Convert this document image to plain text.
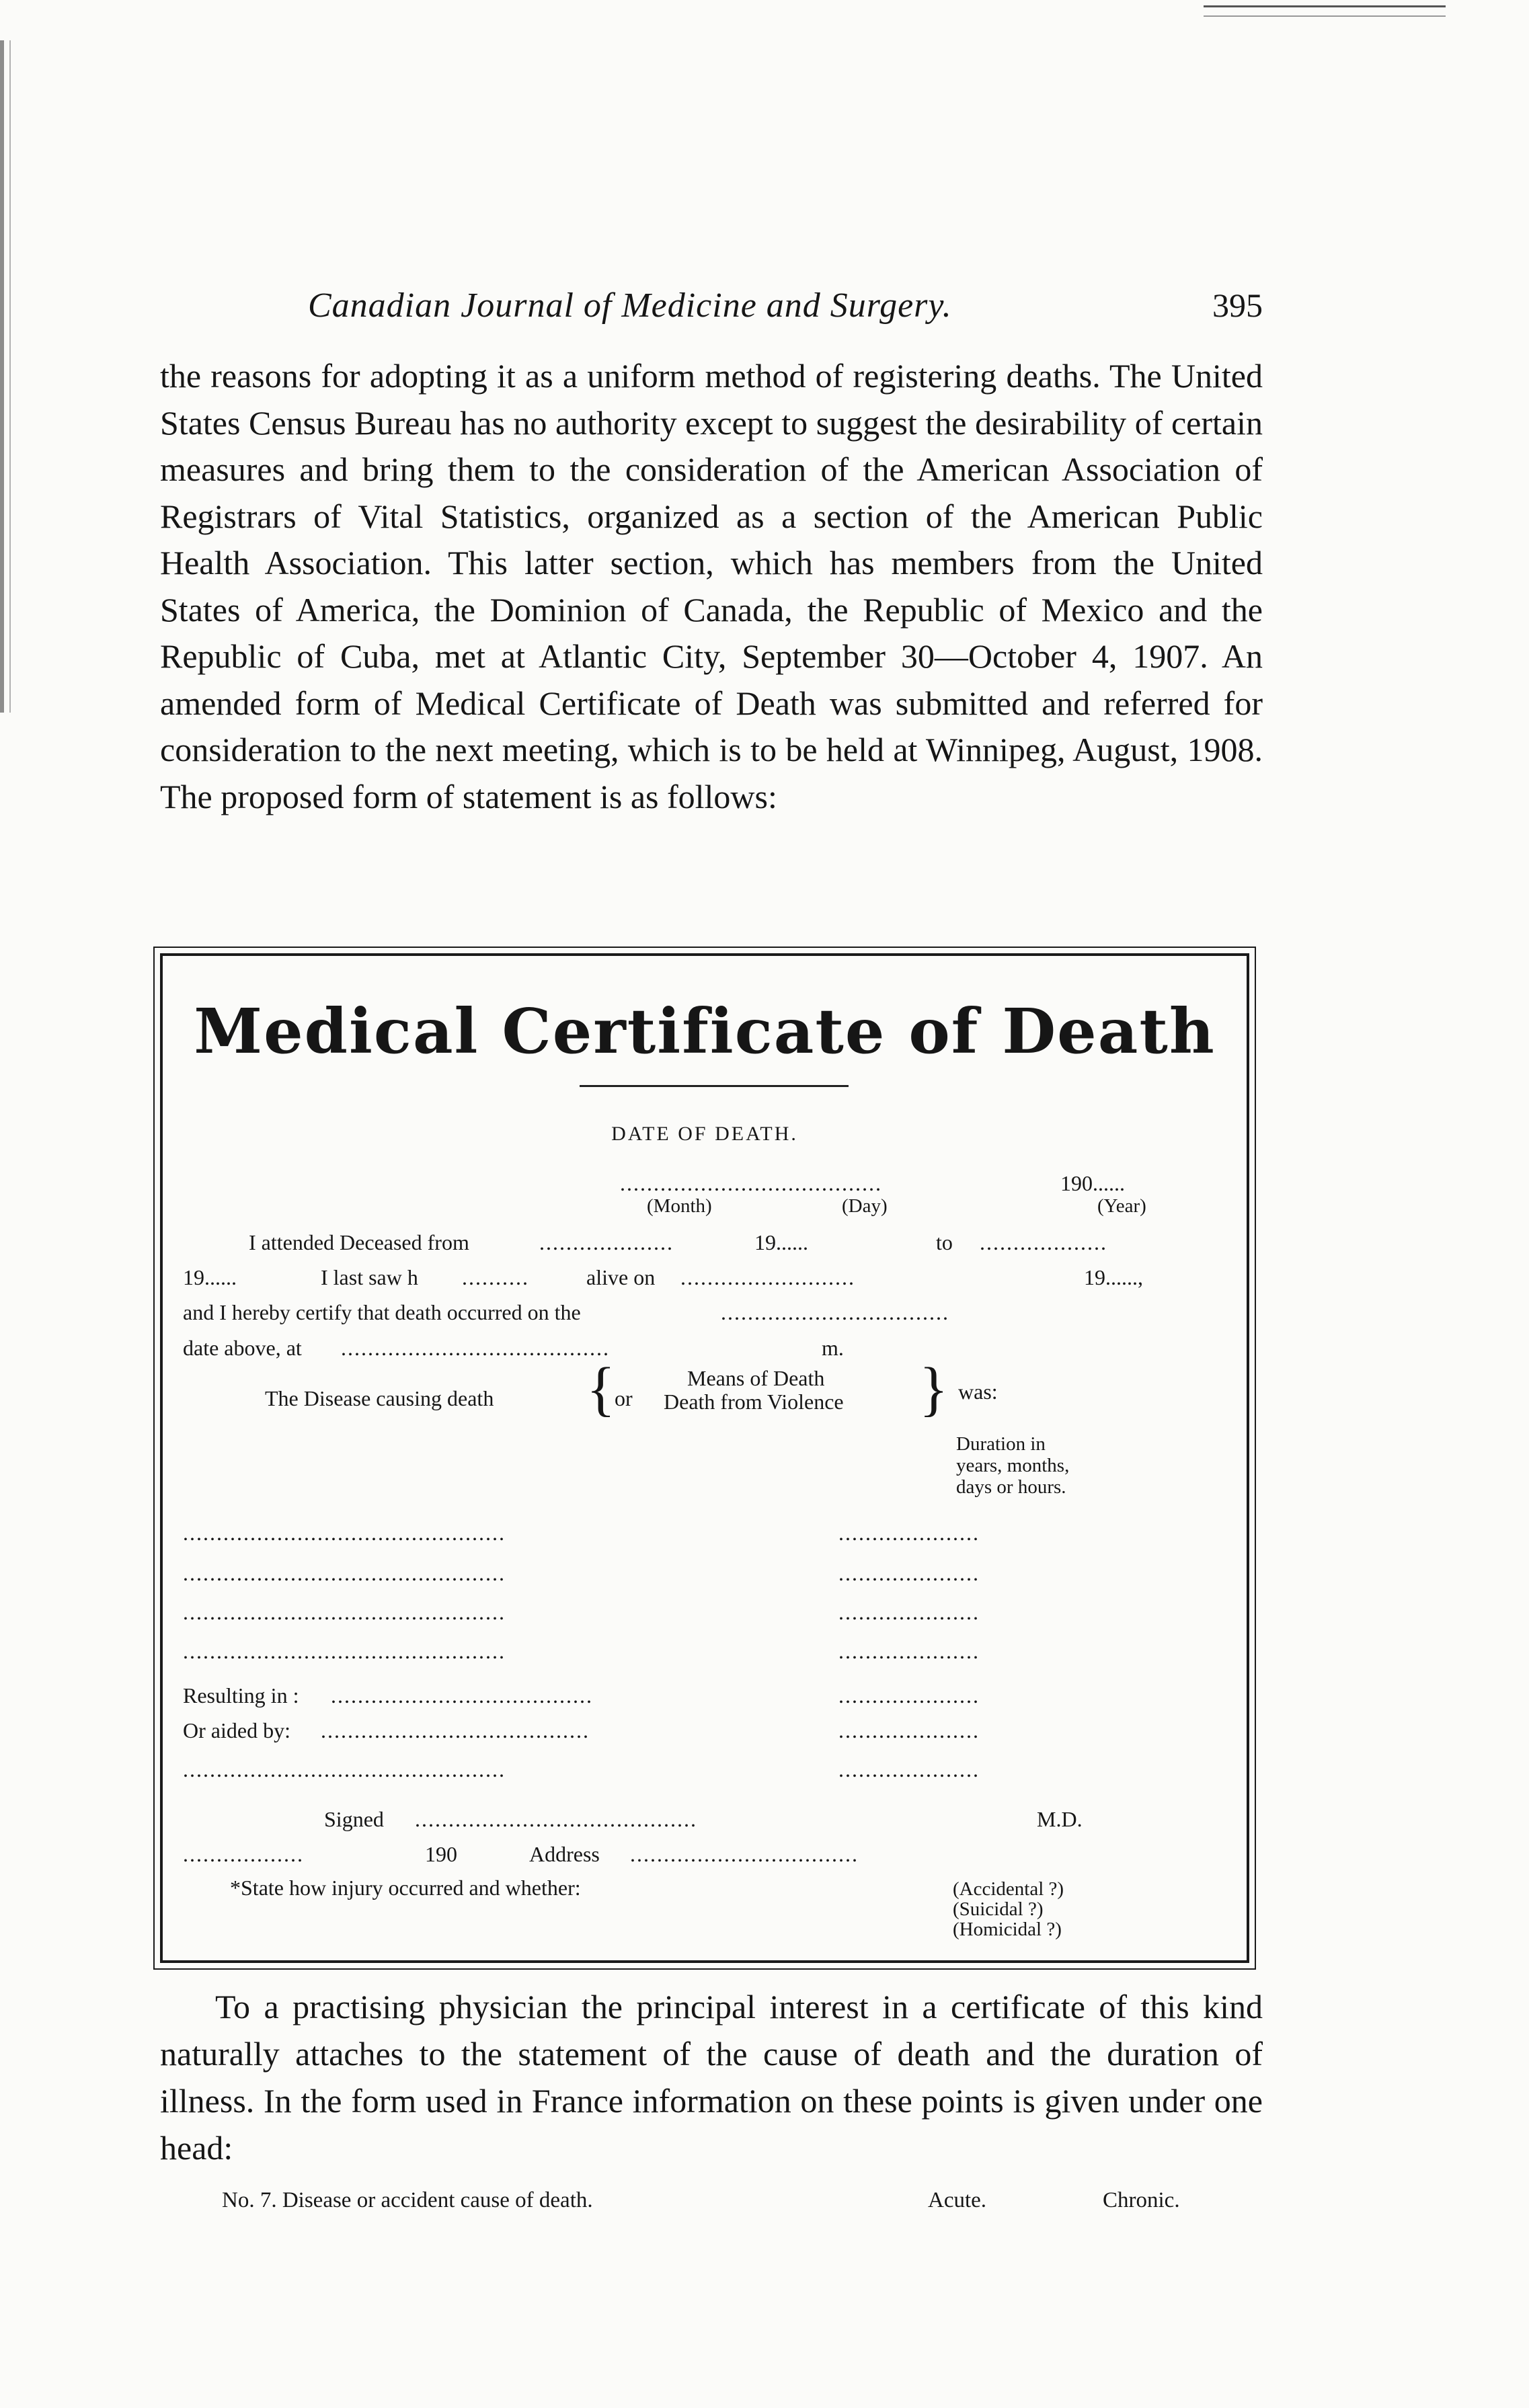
Canadian Journal of Medicine and Surgery.	395

the reasons for adopting it as a uniform method of registering deaths. The United States Census Bureau has no authority except to suggest the desirability of certain measures and bring them to the consideration of the American Association of Registrars of Vital Statistics, organized as a section of the American Public Health Association. This latter section, which has members from the United States of America, the Dominion of Canada, the Republic of Mexico and the Republic of Cuba, met at Atlantic City, September 30—October 4, 1907. An amended form of Medical Certificate of Death was submitted and referred for consideration to the next meeting, which is to be held at Winnipeg, August, 1908. The proposed form of statement is as follows:

Medical Certificate of Death
DATE OF DEATH.
.......................................	190......
(Month)	(Day)	(Year)
I attended Deceased from	....................	19......	to ...................
19......	I last saw h ..........	alive on ..........................	19......,
and I hereby certify that death occurred on the	..................................
date above, at ........................................	m.
The Disease causing death {
or
Means of Death
Death from Violence } was:
Duration in
years, months,
days or hours.
................................................	.....................
................................................	.....................
................................................	.....................
................................................	.....................
Resulting in : .......................................	.....................
Or aided by: ........................................	.....................
................................................	.....................
Signed ..........................................	M.D.
..................	190	Address ..................................
*State how injury occurred and whether:	(Accidental ?)
(Suicidal ?)
(Homicidal ?)

To a practising physician the principal interest in a certificate of this kind naturally attaches to the statement of the cause of death and the duration of illness. In the form used in France information on these points is given under one head:

No. 7. Disease or accident cause of death.	Acute.	Chronic.
